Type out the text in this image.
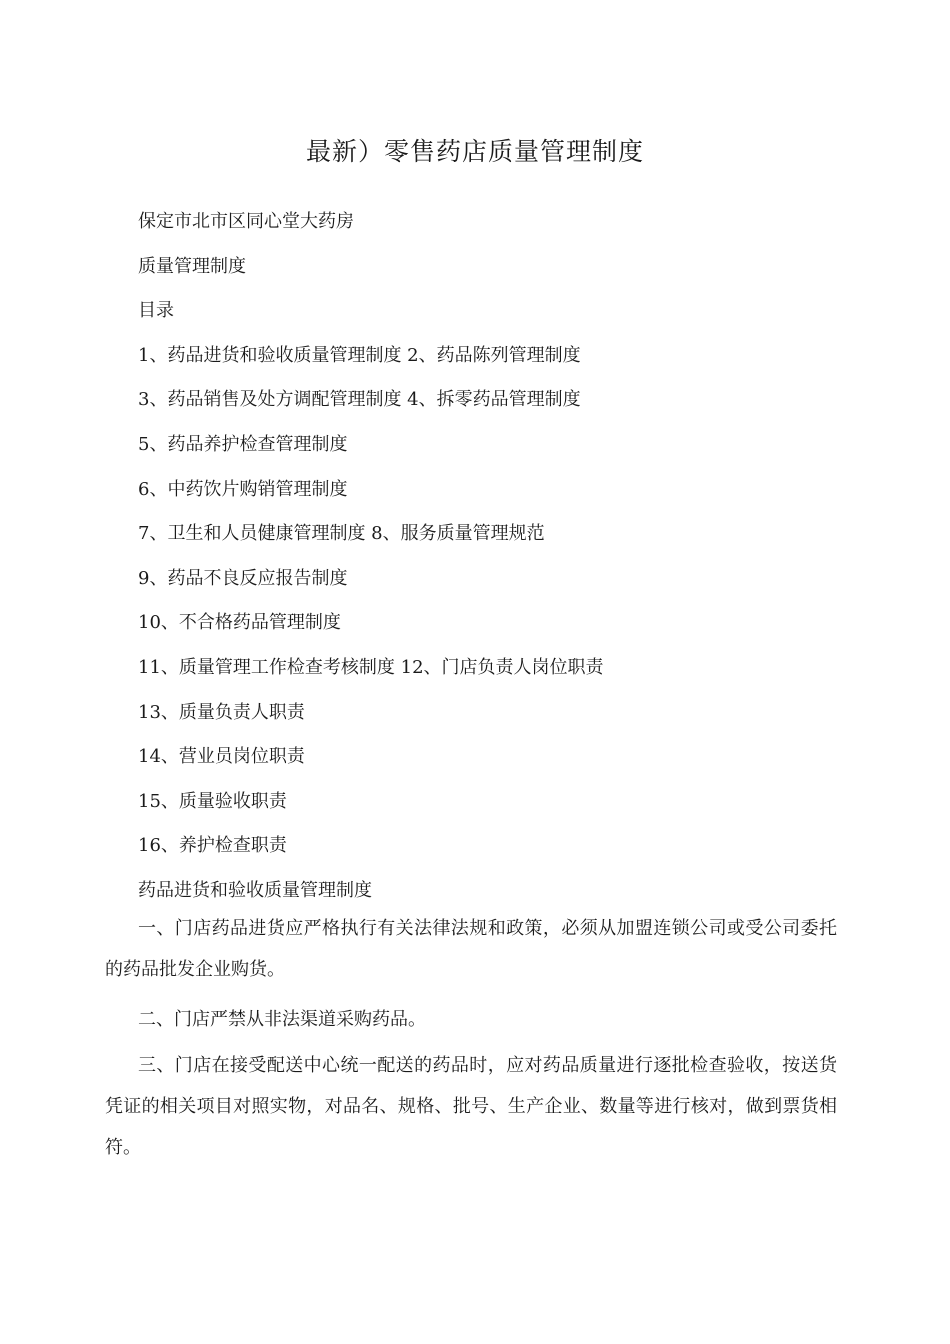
最新）零售药店质量管理制度

保定市北市区同心堂大药房

质量管理制度

目录

1、药品进货和验收质量管理制度 2、药品陈列管理制度

3、药品销售及处方调配管理制度 4、拆零药品管理制度

5、药品养护检查管理制度

6、中药饮片购销管理制度

7、卫生和人员健康管理制度 8、服务质量管理规范

9、药品不良反应报告制度

10、不合格药品管理制度

11、质量管理工作检查考核制度 12、门店负责人岗位职责

13、质量负责人职责

14、营业员岗位职责

15、质量验收职责

16、养护检查职责

药品进货和验收质量管理制度

一、门店药品进货应严格执行有关法律法规和政策，必须从加盟连锁公司或受公司委托的药品批发企业购货。

二、门店严禁从非法渠道采购药品。

三、门店在接受配送中心统一配送的药品时，应对药品质量进行逐批检查验收，按送货凭证的相关项目对照实物，对品名、规格、批号、生产企业、数量等进行核对，做到票货相符。
